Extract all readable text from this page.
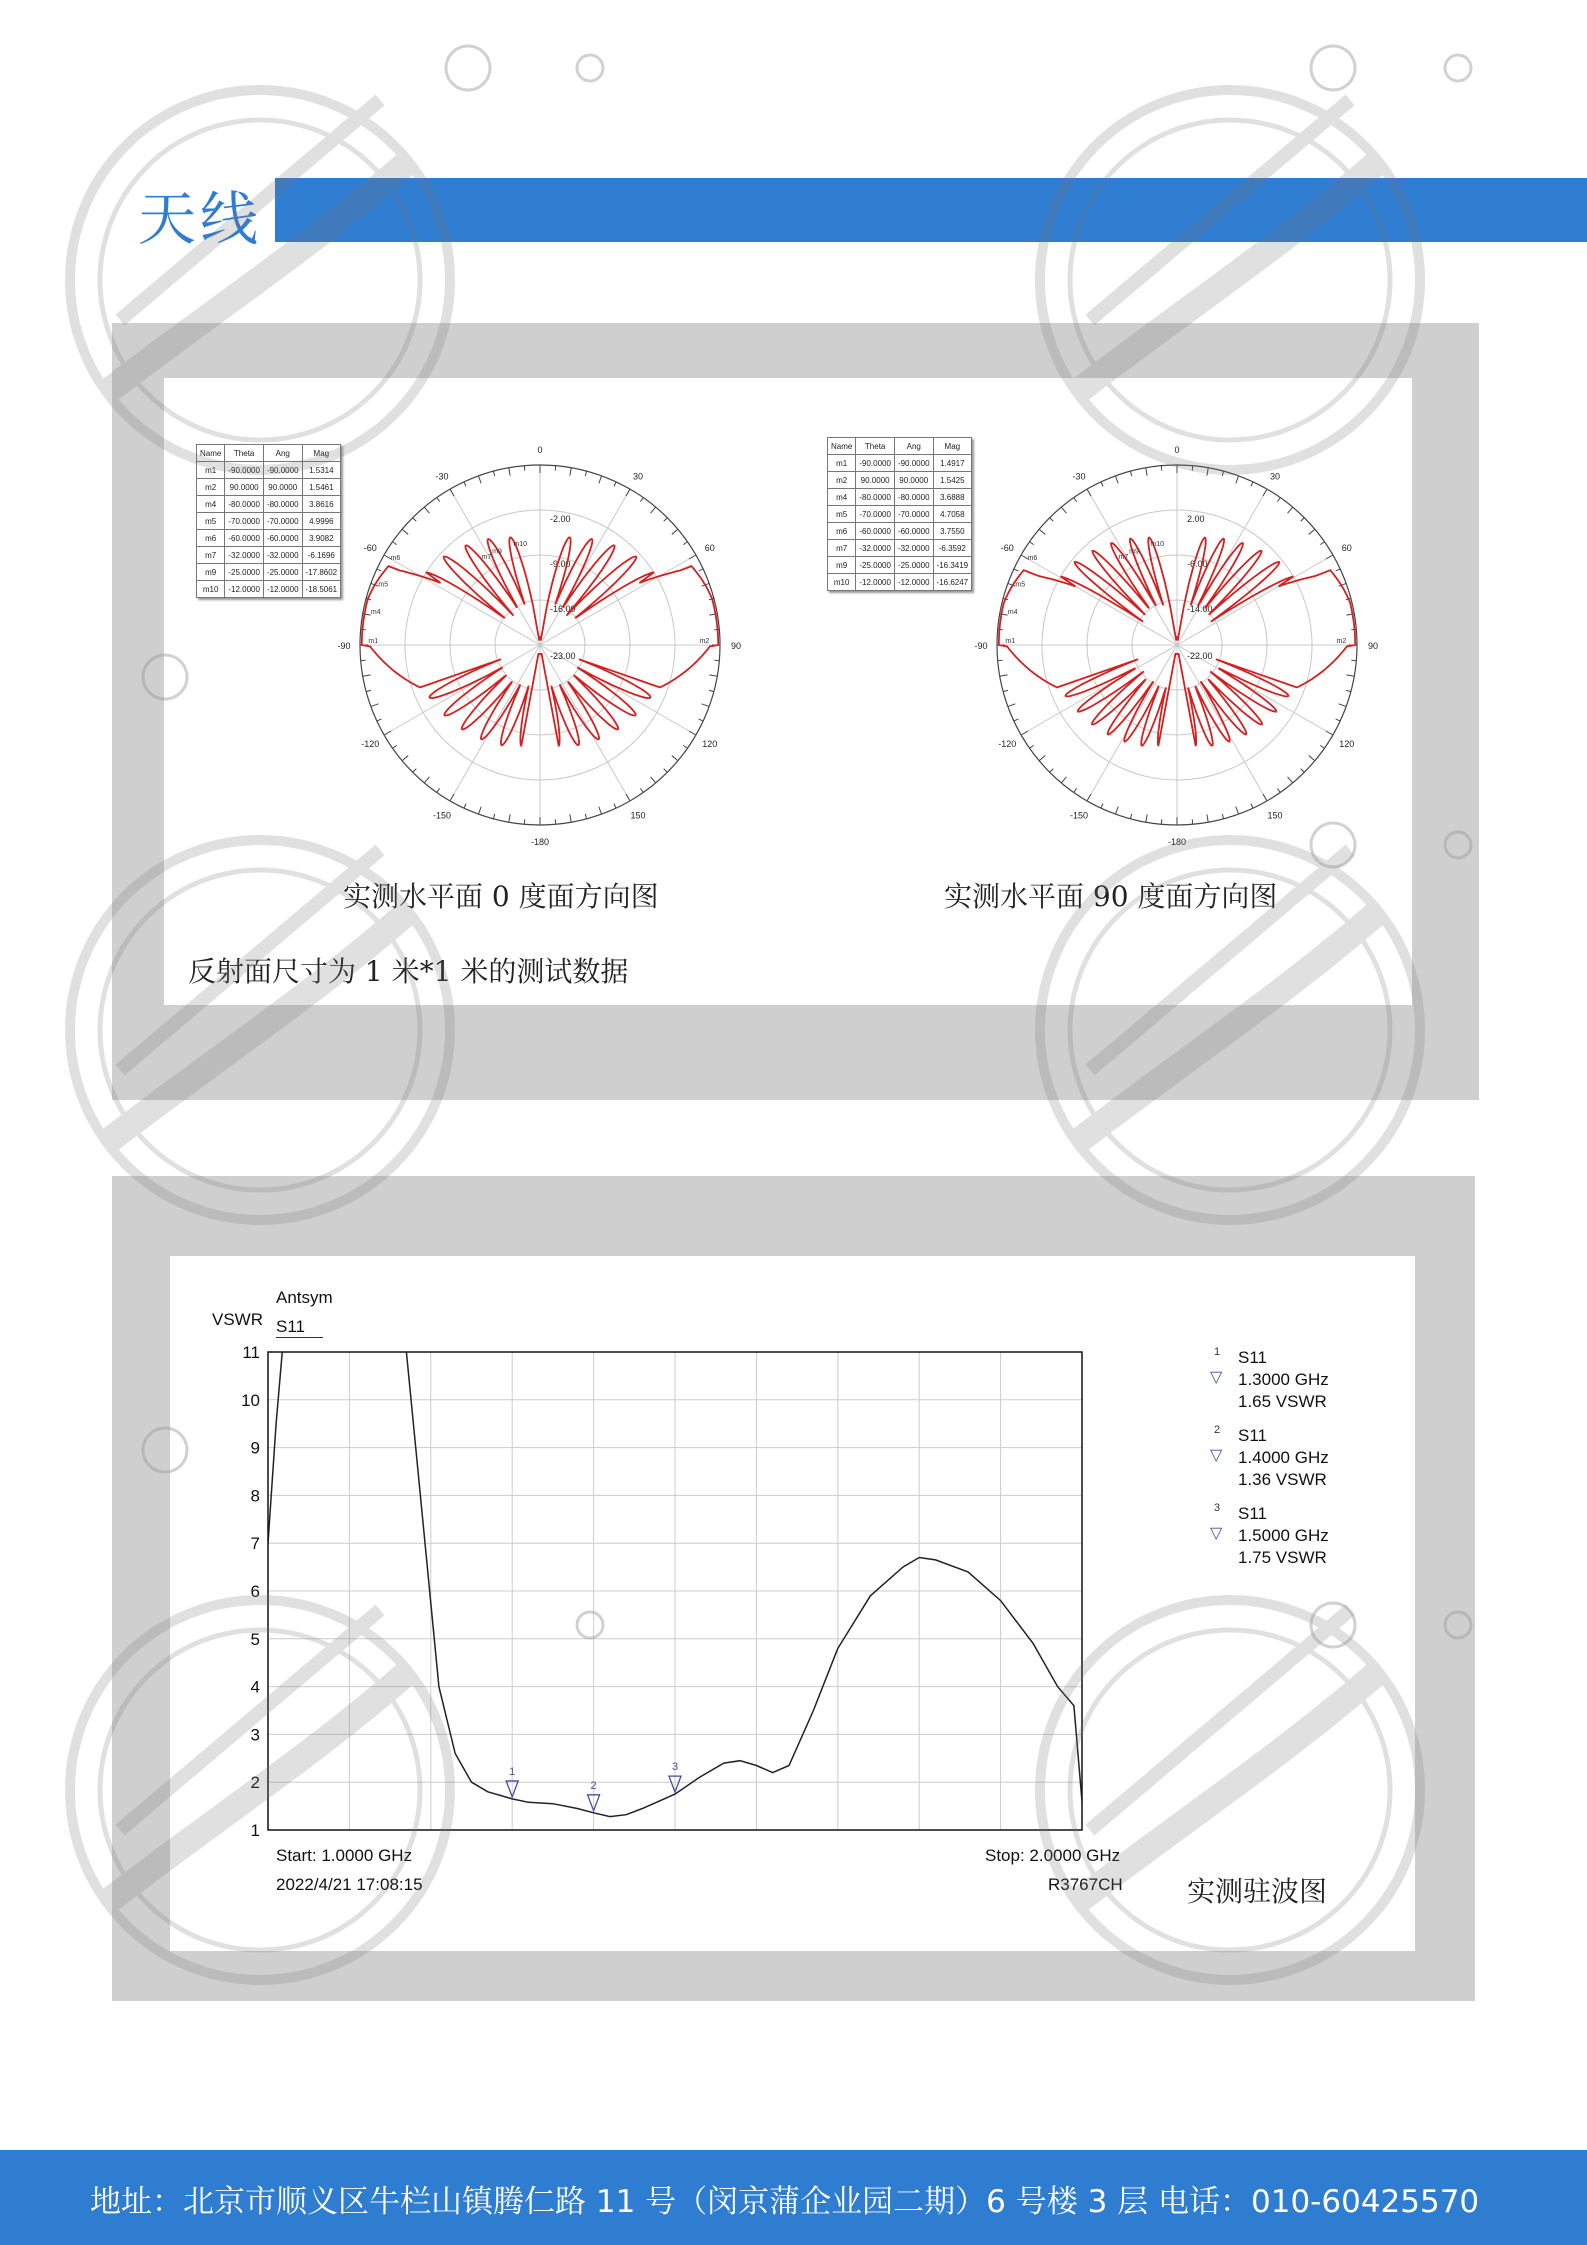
天线
Name	Theta	Ang	Mag
m1	-90.0000	-90.0000	1.5314
m2	90.0000	90.0000	1.5461
m4	-80.0000	-80.0000	3.8616
m5	-70.0000	-70.0000	4.9996
m6	-60.0000	-60.0000	3.9082
m7	-32.0000	-32.0000	-6.1696
m9	-25.0000	-25.0000	-17.8602
m10	-12.0000	-12.0000	-18.5061
0
30
60
90
120
150
-180
-150
-120
-90
-60
-30
-2.00
-9.00
-16.00
-23.00
m1	m2
m4
m5
m6	m7
m9
m10
Name	Theta	Ang	Mag
m1	-90.0000	-90.0000	1.4917
m2	90.0000	90.0000	1.5425
m4	-80.0000	-80.0000	3.6888
m5	-70.0000	-70.0000	4.7058
m6	-60.0000	-60.0000	3.7550
m7	-32.0000	-32.0000	-6.3592
m9	-25.0000	-25.0000	-16.3419
m10	-12.0000	-12.0000	-16.6247
0
30
60
90
120
150
-180
-150
-120
-90
-60
-30
2.00
-6.00
-14.00
-22.00
m1	m2
m4
m5
m6	m7
m9
m10
实测水平面 0 度面方向图	实测水平面 90 度面方向图
反射面尺寸为 1 米*1 米的测试数据
Antsym
S11
VSWR
1
2
3
4
5
6
7
8
9
10
11
1
2
3
Start: 1.0000 GHz	Stop: 2.0000 GHz
2022/4/21 17:08:15	R3767CH
1
▽
S11
1.3000 GHz
1.65 VSWR
2
▽
S11
1.4000 GHz
1.36 VSWR
3
▽
S11
1.5000 GHz
1.75 VSWR
实测驻波图
地址：北京市顺义区牛栏山镇腾仁路 11 号（闵京蒲企业园二期）6 号楼 3 层 电话：010-60425570
